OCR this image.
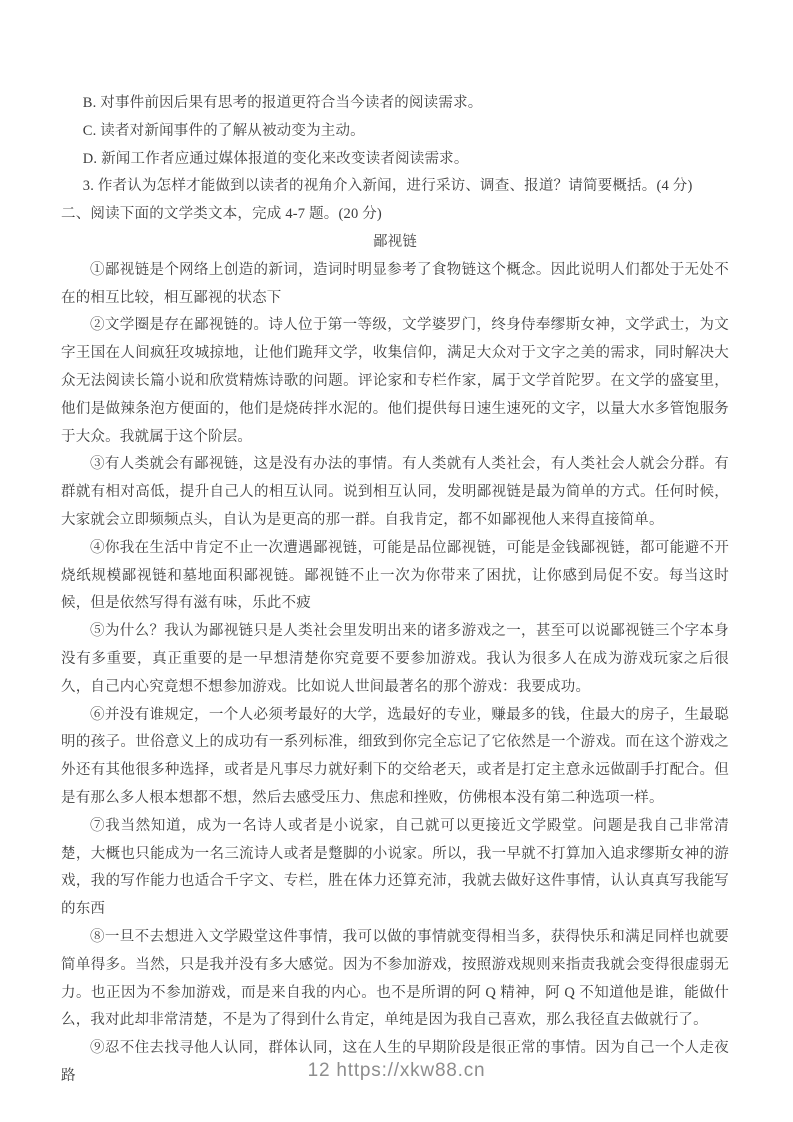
B. 对事件前因后果有思考的报道更符合当今读者的阅读需求。

C. 读者对新闻事件的了解从被动变为主动。

D. 新闻工作者应通过媒体报道的变化来改变读者阅读需求。

3. 作者认为怎样才能做到以读者的视角介入新闻，进行采访、调查、报道？请简要概括。(4 分)

二、阅读下面的文学类文本，完成 4-7 题。(20 分)

鄙视链

①鄙视链是个网络上创造的新词，造词时明显参考了食物链这个概念。因此说明人们都处于无处不在的相互比较，相互鄙视的状态下

②文学圈是存在鄙视链的。诗人位于第一等级，文学婆罗门，终身侍奉缪斯女神，文学武士，为文字王国在人间疯狂攻城掠地，让他们跪拜文学，收集信仰，满足大众对于文字之美的需求，同时解决大众无法阅读长篇小说和欣赏精炼诗歌的问题。评论家和专栏作家，属于文学首陀罗。在文学的盛宴里，他们是做辣条泡方便面的，他们是烧砖拌水泥的。他们提供每日速生速死的文字，以量大水多管饱服务于大众。我就属于这个阶层。

③有人类就会有鄙视链，这是没有办法的事情。有人类就有人类社会，有人类社会人就会分群。有群就有相对高低，提升自己人的相互认同。说到相互认同，发明鄙视链是最为简单的方式。任何时候，大家就会立即频频点头，自认为是更高的那一群。自我肯定，都不如鄙视他人来得直接简单。

④你我在生活中肯定不止一次遭遇鄙视链，可能是品位鄙视链，可能是金钱鄙视链，都可能避不开烧纸规模鄙视链和墓地面积鄙视链。鄙视链不止一次为你带来了困扰，让你感到局促不安。每当这时候，但是依然写得有滋有味，乐此不疲

⑤为什么？我认为鄙视链只是人类社会里发明出来的诸多游戏之一，甚至可以说鄙视链三个字本身没有多重要，真正重要的是一早想清楚你究竟要不要参加游戏。我认为很多人在成为游戏玩家之后很久，自己内心究竟想不想参加游戏。比如说人世间最著名的那个游戏：我要成功。

⑥并没有谁规定，一个人必须考最好的大学，选最好的专业，赚最多的钱，住最大的房子，生最聪明的孩子。世俗意义上的成功有一系列标准，细致到你完全忘记了它依然是一个游戏。而在这个游戏之外还有其他很多种选择，或者是凡事尽力就好剩下的交给老天，或者是打定主意永远做副手打配合。但是有那么多人根本想都不想，然后去感受压力、焦虑和挫败，仿佛根本没有第二种选项一样。

⑦我当然知道，成为一名诗人或者是小说家，自己就可以更接近文学殿堂。问题是我自己非常清楚，大概也只能成为一名三流诗人或者是蹩脚的小说家。所以，我一早就不打算加入追求缪斯女神的游戏，我的写作能力也适合千字文、专栏，胜在体力还算充沛，我就去做好这件事情，认认真真写我能写的东西

⑧一旦不去想进入文学殿堂这件事情，我可以做的事情就变得相当多，获得快乐和满足同样也就要简单得多。当然，只是我并没有多大感觉。因为不参加游戏，按照游戏规则来指责我就会变得很虚弱无力。也正因为不参加游戏，而是来自我的内心。也不是所谓的阿 Q 精神，阿 Q 不知道他是谁，能做什么，我对此却非常清楚，不是为了得到什么肯定，单纯是因为我自己喜欢，那么我径直去做就行了。

⑨忍不住去找寻他人认同，群体认同，这在人生的早期阶段是很正常的事情。因为自己一个人走夜路	12 https://xkw88.cn
